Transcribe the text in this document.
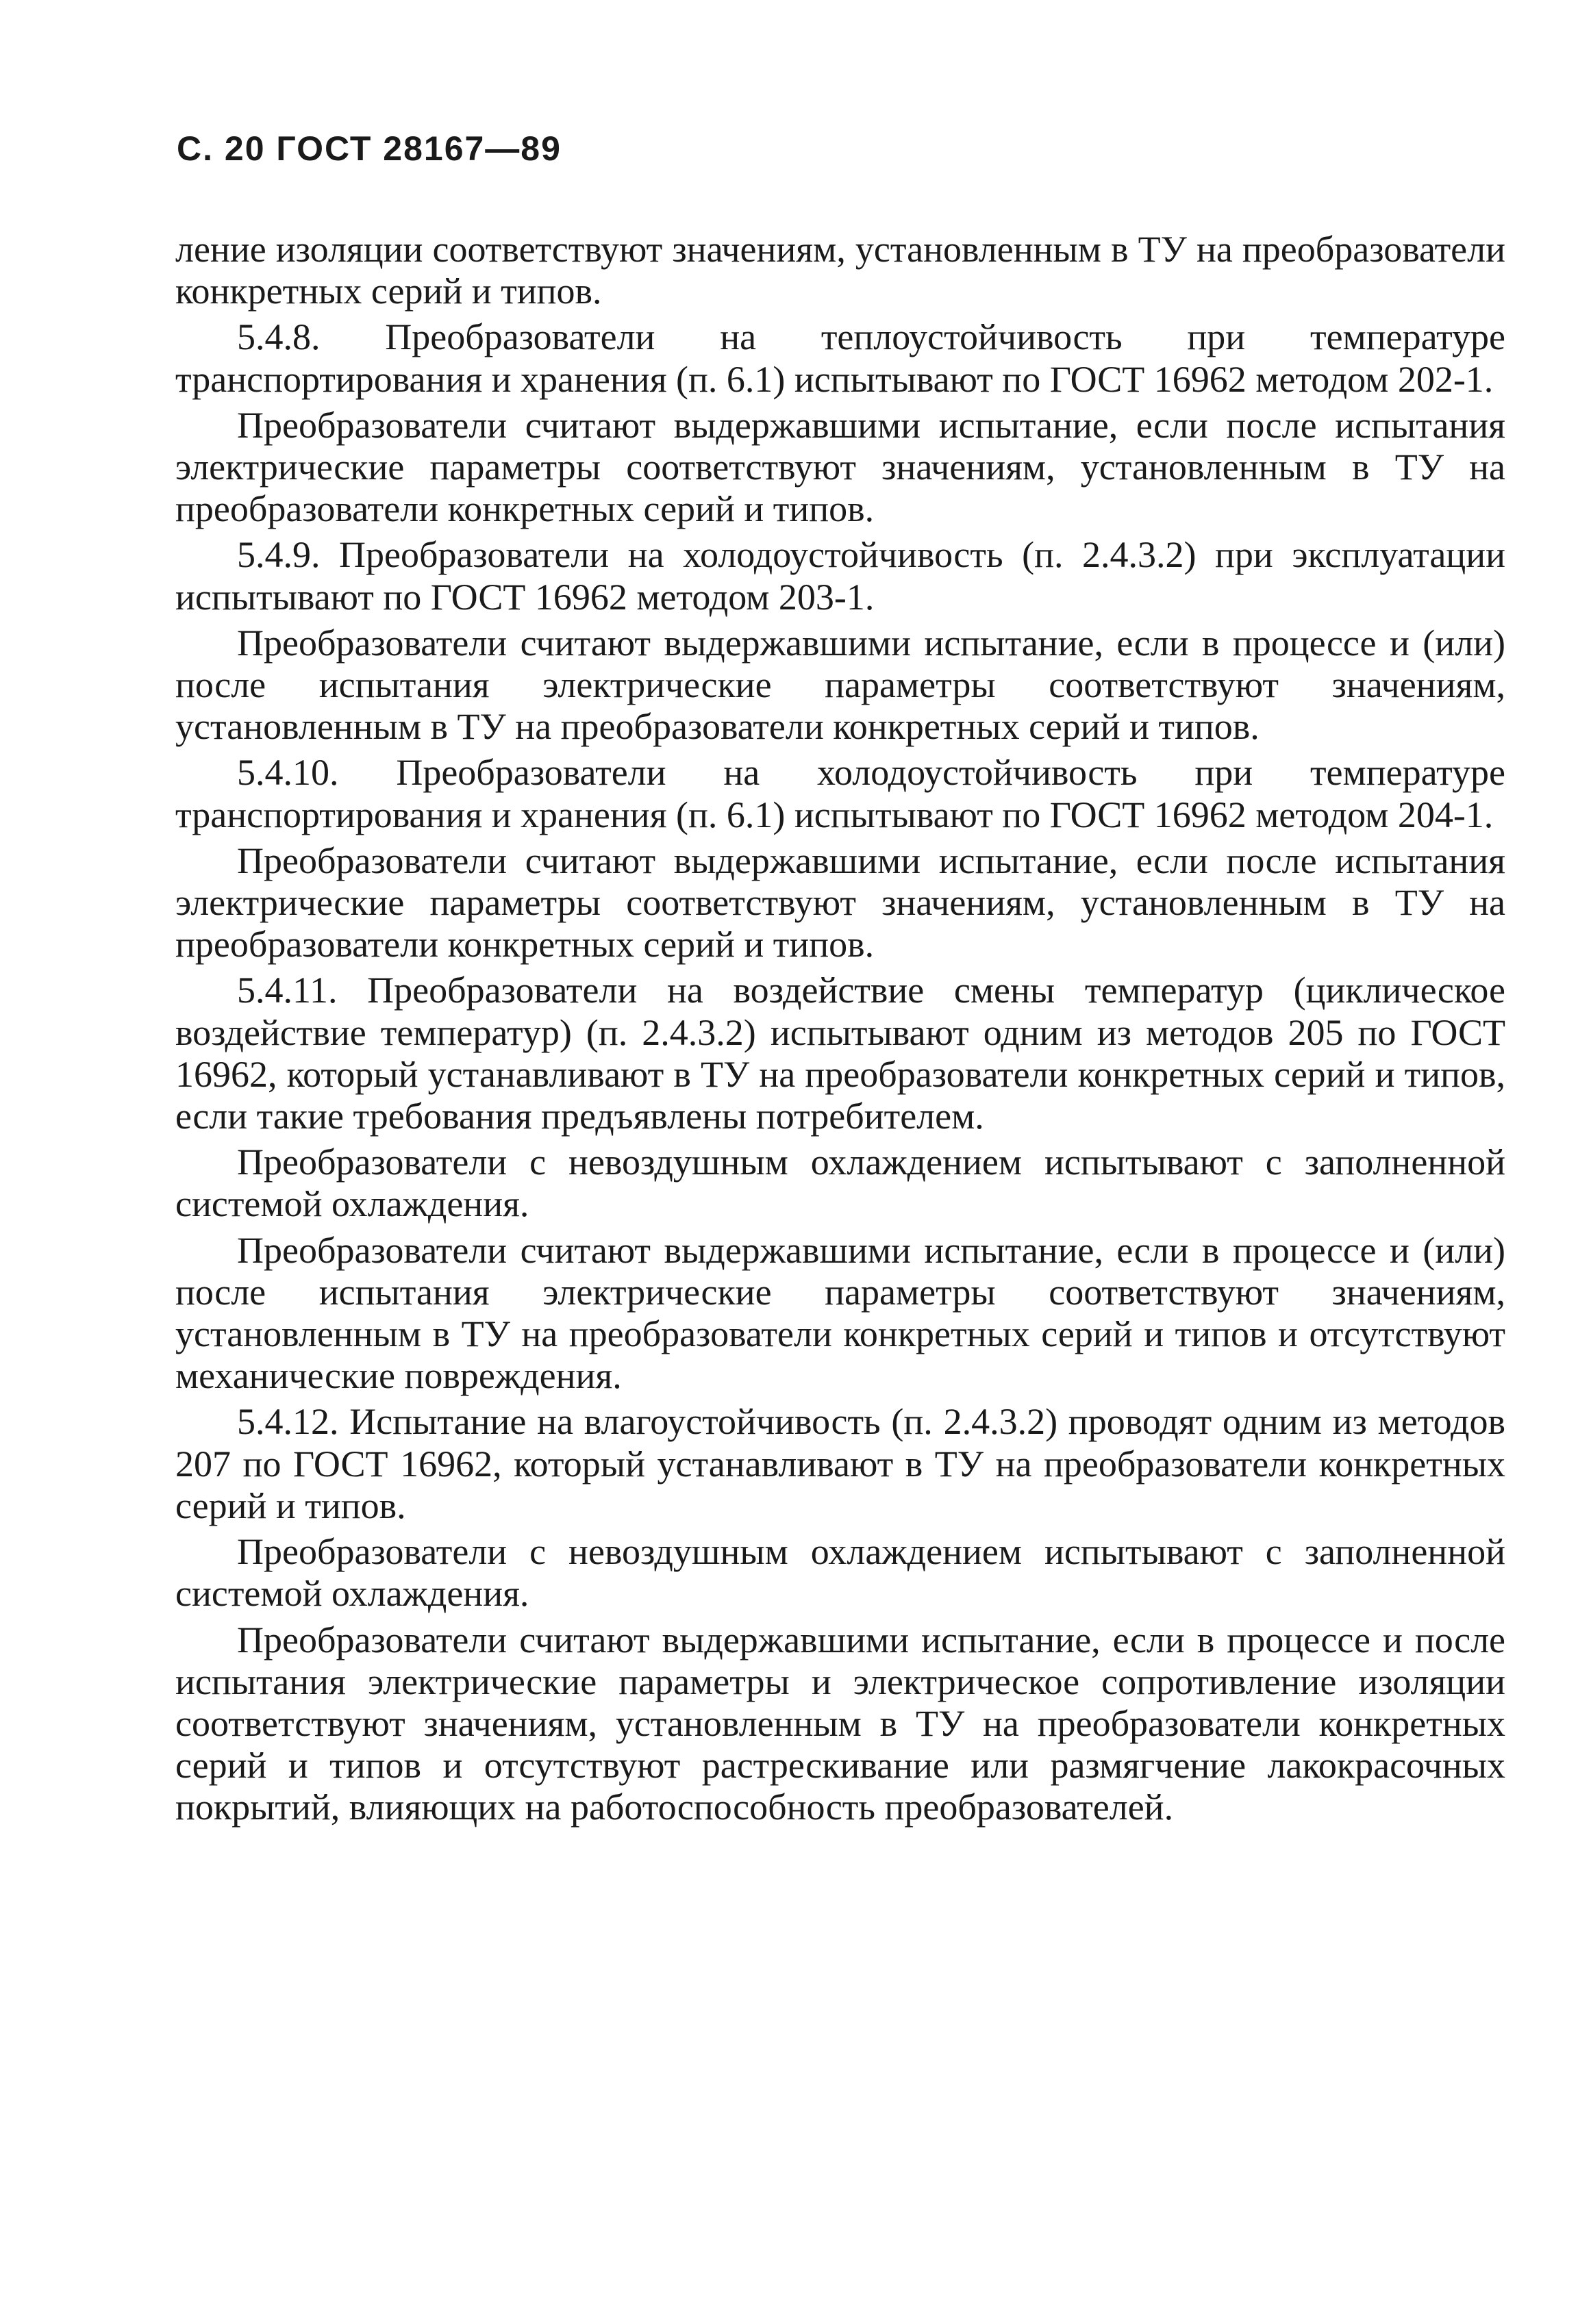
С. 20 ГОСТ 28167—89

ление изоляции соответствуют значениям, установленным в ТУ на преобразователи конкретных серий и типов.

5.4.8. Преобразователи на теплоустойчивость при температуре транспортирования и хранения (п. 6.1) испытывают по ГОСТ 16962 методом 202-1.

Преобразователи считают выдержавшими испытание, если после испытания электрические параметры соответствуют значениям, установленным в ТУ на преобразователи конкретных серий и типов.

5.4.9. Преобразователи на холодоустойчивость (п. 2.4.3.2) при эксплуатации испытывают по ГОСТ 16962 методом 203-1.

Преобразователи считают выдержавшими испытание, если в процессе и (или) после испытания электрические параметры соответствуют значениям, установленным в ТУ на преобразователи конкретных серий и типов.

5.4.10. Преобразователи на холодоустойчивость при температуре транспортирования и хранения (п. 6.1) испытывают по ГОСТ 16962 методом 204-1.

Преобразователи считают выдержавшими испытание, если после испытания электрические параметры соответствуют значениям, установленным в ТУ на преобразователи конкретных серий и типов.

5.4.11. Преобразователи на воздействие смены температур (циклическое воздействие температур) (п. 2.4.3.2) испытывают одним из методов 205 по ГОСТ 16962, который устанавливают в ТУ на преобразователи конкретных серий и типов, если такие требования предъявлены потребителем.

Преобразователи с невоздушным охлаждением испытывают с заполненной системой охлаждения.

Преобразователи считают выдержавшими испытание, если в процессе и (или) после испытания электрические параметры соответствуют значениям, установленным в ТУ на преобразователи конкретных серий и типов и отсутствуют механические повреждения.

5.4.12. Испытание на влагоустойчивость (п. 2.4.3.2) проводят одним из методов 207 по ГОСТ 16962, который устанавливают в ТУ на преобразователи конкретных серий и типов.

Преобразователи с невоздушным охлаждением испытывают с заполненной системой охлаждения.

Преобразователи считают выдержавшими испытание, если в процессе и после испытания электрические параметры и электрическое сопротивление изоляции соответствуют значениям, установленным в ТУ на преобразователи конкретных серий и типов и отсутствуют растрескивание или размягчение лакокрасочных покрытий, влияющих на работоспособность преобразователей.
